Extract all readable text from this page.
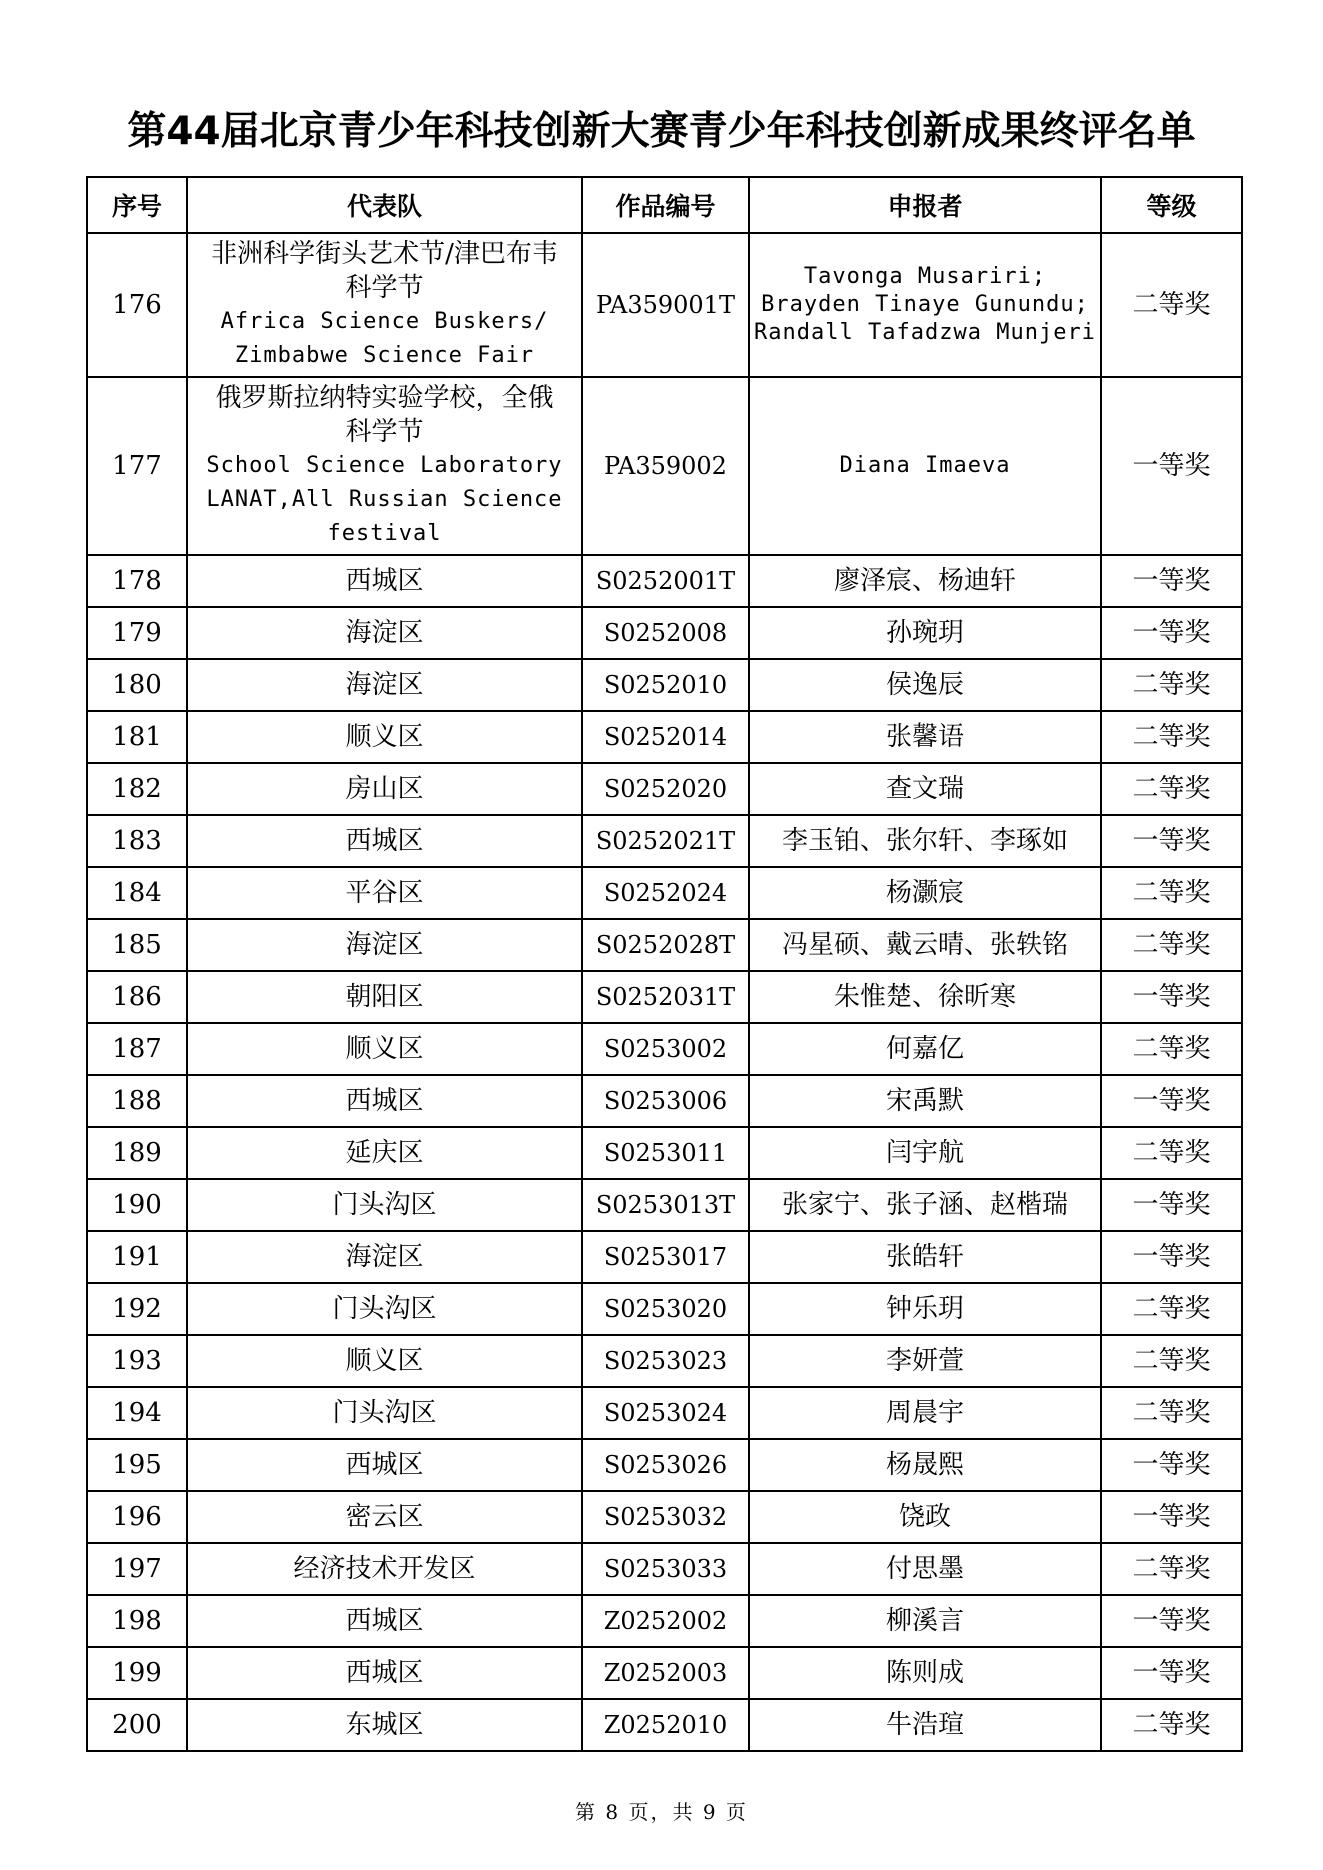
第44届北京青少年科技创新大赛青少年科技创新成果终评名单
序号	代表队	作品编号	申报者	等级
176	非洲科学街头艺术节/津巴布韦
科学节
Africa Science Buskers/
Zimbabwe Science Fair	PA359001T	Tavonga Musariri;
Brayden Tinaye Gunundu;
Randall Tafadzwa Munjeri	二等奖
177	俄罗斯拉纳特实验学校，全俄
科学节
School Science Laboratory
LANAT,All Russian Science
festival	PA359002	Diana Imaeva	一等奖
178	西城区	S0252001T	廖泽宸、杨迪轩	一等奖
179	海淀区	S0252008	孙琬玥	一等奖
180	海淀区	S0252010	侯逸辰	二等奖
181	顺义区	S0252014	张馨语	二等奖
182	房山区	S0252020	查文瑞	二等奖
183	西城区	S0252021T	李玉铂、张尔轩、李琢如	一等奖
184	平谷区	S0252024	杨灏宸	二等奖
185	海淀区	S0252028T	冯星硕、戴云晴、张轶铭	二等奖
186	朝阳区	S0252031T	朱惟楚、徐昕寒	一等奖
187	顺义区	S0253002	何嘉亿	二等奖
188	西城区	S0253006	宋禹默	一等奖
189	延庆区	S0253011	闫宇航	二等奖
190	门头沟区	S0253013T	张家宁、张子涵、赵楷瑞	一等奖
191	海淀区	S0253017	张皓轩	一等奖
192	门头沟区	S0253020	钟乐玥	二等奖
193	顺义区	S0253023	李妍萱	二等奖
194	门头沟区	S0253024	周晨宇	二等奖
195	西城区	S0253026	杨晟熙	一等奖
196	密云区	S0253032	饶政	一等奖
197	经济技术开发区	S0253033	付思墨	二等奖
198	西城区	Z0252002	柳溪言	一等奖
199	西城区	Z0252003	陈则成	一等奖
200	东城区	Z0252010	牛浩瑄	二等奖
第 8 页，共 9 页
